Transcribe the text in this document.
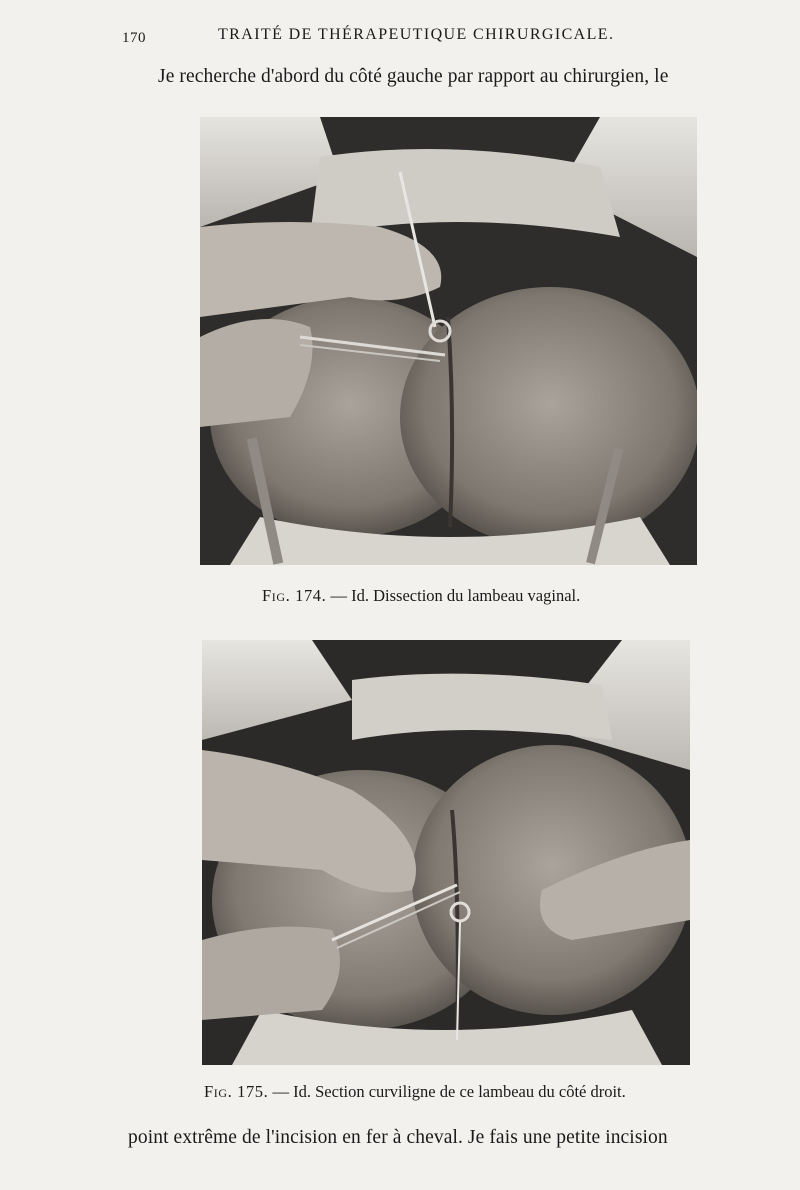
170	TRAITÉ DE THÉRAPEUTIQUE CHIRURGICALE.
Je recherche d'abord du côté gauche par rapport au chirurgien, le
Fig. 174. — Id. Dissection du lambeau vaginal.
Fig. 175. — Id. Section curviligne de ce lambeau du côté droit.
point extrême de l'incision en fer à cheval. Je fais une petite incision
